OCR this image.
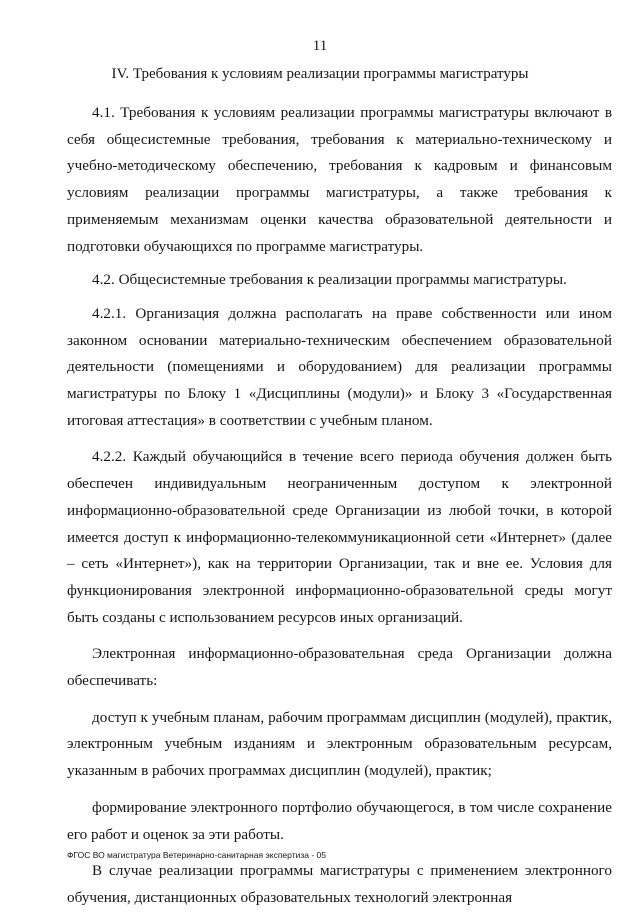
11
IV. Требования к условиям реализации программы магистратуры

4.1. Требования к условиям реализации программы магистратуры включают в себя общесистемные требования, требования к материально-техническому и учебно-методическому обеспечению, требования к кадровым и финансовым условиям реализации программы магистратуры, а также требования к применяемым механизмам оценки качества образовательной деятельности и подготовки обучающихся по программе магистратуры.

4.2. Общесистемные требования к реализации программы магистратуры.

4.2.1. Организация должна располагать на праве собственности или ином законном основании материально-техническим обеспечением образовательной деятельности (помещениями и оборудованием) для реализации программы магистратуры по Блоку 1 «Дисциплины (модули)» и Блоку 3 «Государственная итоговая аттестация» в соответствии с учебным планом.

4.2.2. Каждый обучающийся в течение всего периода обучения должен быть обеспечен индивидуальным неограниченным доступом к электронной информационно-образовательной среде Организации из любой точки, в которой имеется доступ к информационно-телекоммуникационной сети «Интернет» (далее – сеть «Интернет»), как на территории Организации, так и вне ее. Условия для функционирования электронной информационно-образовательной среды могут быть созданы с использованием ресурсов иных организаций.

Электронная информационно-образовательная среда Организации должна обеспечивать:

доступ к учебным планам, рабочим программам дисциплин (модулей), практик, электронным учебным изданиям и электронным образовательным ресурсам, указанным в рабочих программах дисциплин (модулей), практик;

формирование электронного портфолио обучающегося, в том числе сохранение его работ и оценок за эти работы.

В случае реализации программы магистратуры с применением электронного обучения, дистанционных образовательных технологий электронная

ФГОС ВО магистратура Ветеринарно-санитарная экспертиза - 05
